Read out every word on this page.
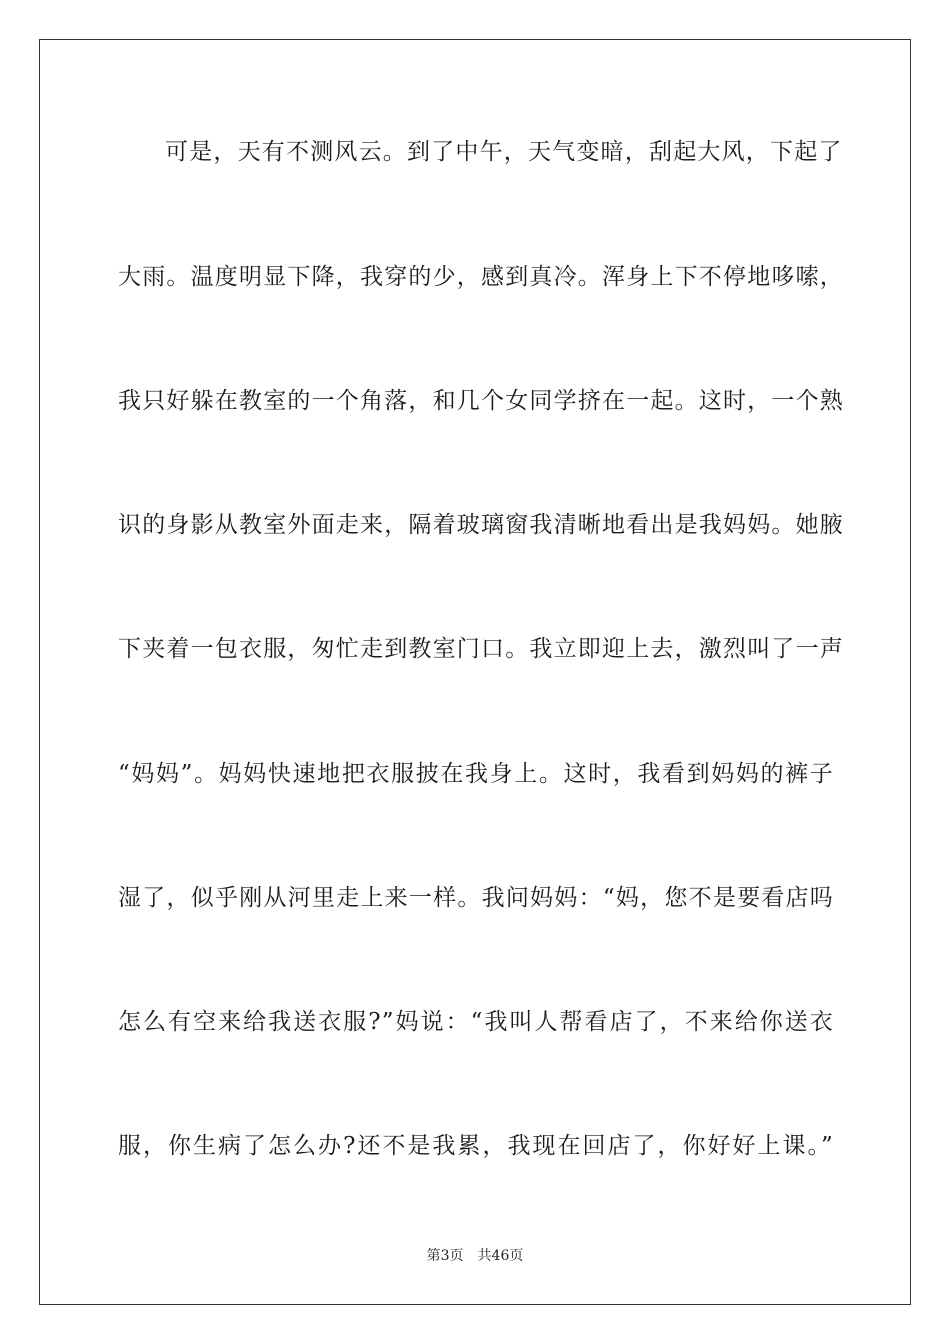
可是，天有不测风云。到了中午，天气变暗，刮起大风，下起了
大雨。温度明显下降，我穿的少，感到真冷。浑身上下不停地哆嗦，
我只好躲在教室的一个角落，和几个女同学挤在一起。这时，一个熟
识的身影从教室外面走来，隔着玻璃窗我清晰地看出是我妈妈。她腋
下夹着一包衣服，匆忙走到教室门口。我立即迎上去，激烈叫了一声
“妈妈”。妈妈快速地把衣服披在我身上。这时，我看到妈妈的裤子
湿了，似乎刚从河里走上来一样。我问妈妈：“妈，您不是要看店吗
怎么有空来给我送衣服?”妈说：“我叫人帮看店了，不来给你送衣
服，你生病了怎么办?还不是我累，我现在回店了，你好好上课。”
第3页 共46页
